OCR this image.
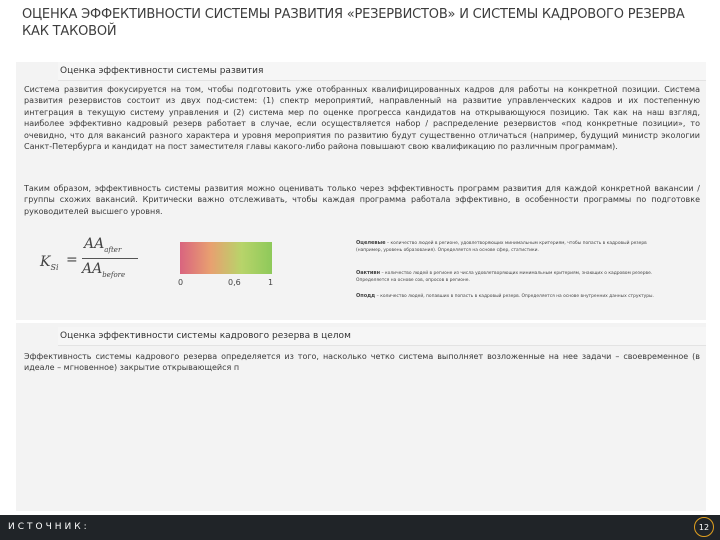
ОЦЕНКА ЭФФЕКТИВНОСТИ СИСТЕМЫ РАЗВИТИЯ «РЕЗЕРВИСТОВ» И СИСТЕМЫ КАДРОВОГО РЕЗЕРВА КАК ТАКОВОЙ
Оценка эффективности системы развития
Система развития фокусируется на том, чтобы подготовить уже отобранных квалифицированных кадров для работы на конкретной позиции. Система развития резервистов состоит из двух под-систем: (1) спектр мероприятий, направленный на развитие управленческих кадров и их постепенную интеграция в текущую систему управления и (2) система мер по оценке прогресса кандидатов на открывающуюся позицию. Так как на наш взгляд, наиболее эффективно кадровый резерв работает в случае, если осуществляется набор / распределение резервистов «под конкретные позиции», то очевидно, что для вакансий разного характера и уровня мероприятия по развитию будут существенно отличаться (например, будущий министр экологии Санкт-Петербурга и кандидат на пост заместителя главы какого-либо района повышают свою квалификацию по различным программам).
Таким образом, эффективность системы развития можно оценивать только через эффективность программ развития для каждой конкретной вакансии / группы схожих вакансий. Критически важно отслеживать, чтобы каждая программа работала эффективно, в особенности программы по подготовке руководителей высшего уровня.
$K_{Si}$ =
$AA_{after}$
$AA_{before}$
0	0,6	1
Оцелевые – количество людей в регионе, удовлетворяющих минимальным критериям, чтобы попасть в кадровый резерв (например, уровень образования). Определяется на основе сфер, статистики.
Оактивн – количество людей в регионе из числа удовлетворяющих минимальным критериям, знающих о кадровом резерве. Определяется на основе сов, опросов в регионе.
Оподд – количество людей, попавших в попасть в кадровый резерв. Определяется на основе внутренних данных структуры.
Оценка эффективности системы кадрового резерва в целом
Эффективность системы кадрового резерва определяется из того, насколько четко система выполняет возложенные на нее задачи – своевременное (в идеале – мгновенное) закрытие открывающейся п
ИСТОЧНИК:	12
